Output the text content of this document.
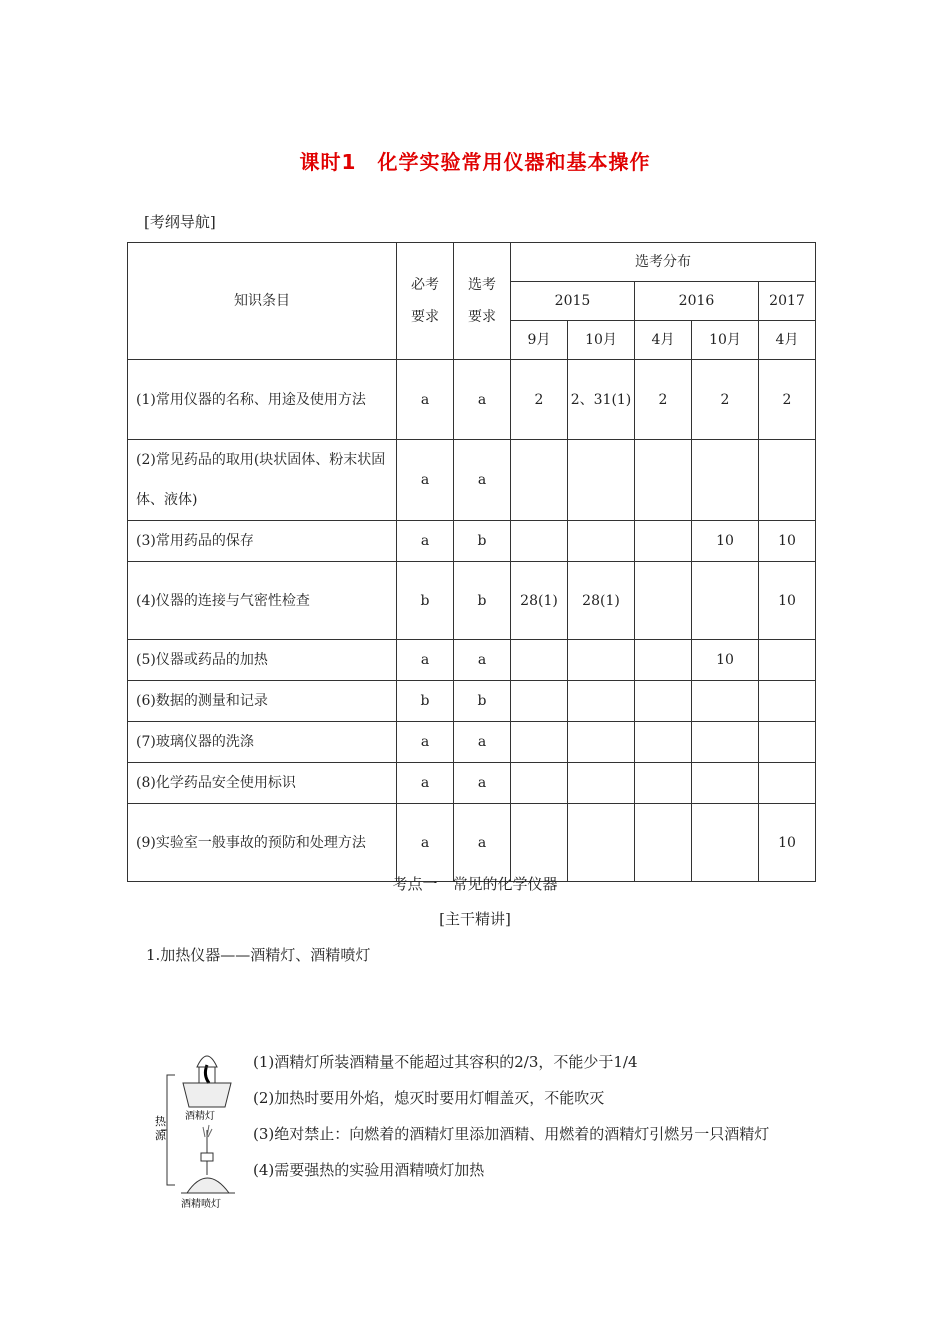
课时1　化学实验常用仪器和基本操作
[考纲导航]
知识条目	必考要求	选考要求	选考分布				
			2015		2016		2017
			9月	10月	4月	10月	4月
(1)常用仪器的名称、用途及使用方法	a	a	2	2、31(1)	2	2	2
(2)常见药品的取用(块状固体、粉末状固体、液体)	a	a					
(3)常用药品的保存	a	b				10	10
(4)仪器的连接与气密性检查	b	b	28(1)	28(1)			10
(5)仪器或药品的加热	a	a				10	
(6)数据的测量和记录	b	b					
(7)玻璃仪器的洗涤	a	a					
(8)化学药品安全使用标识	a	a					
(9)实验室一般事故的预防和处理方法	a	a					10
考点一　常见的化学仪器
[主干精讲]
1.加热仪器——酒精灯、酒精喷灯
热
源
酒精灯
酒精喷灯
(1)酒精灯所装酒精量不能超过其容积的2/3，不能少于1/4
(2)加热时要用外焰，熄灭时要用灯帽盖灭，不能吹灭
(3)绝对禁止：向燃着的酒精灯里添加酒精、用燃着的酒精灯引燃另一只酒精灯
(4)需要强热的实验用酒精喷灯加热
